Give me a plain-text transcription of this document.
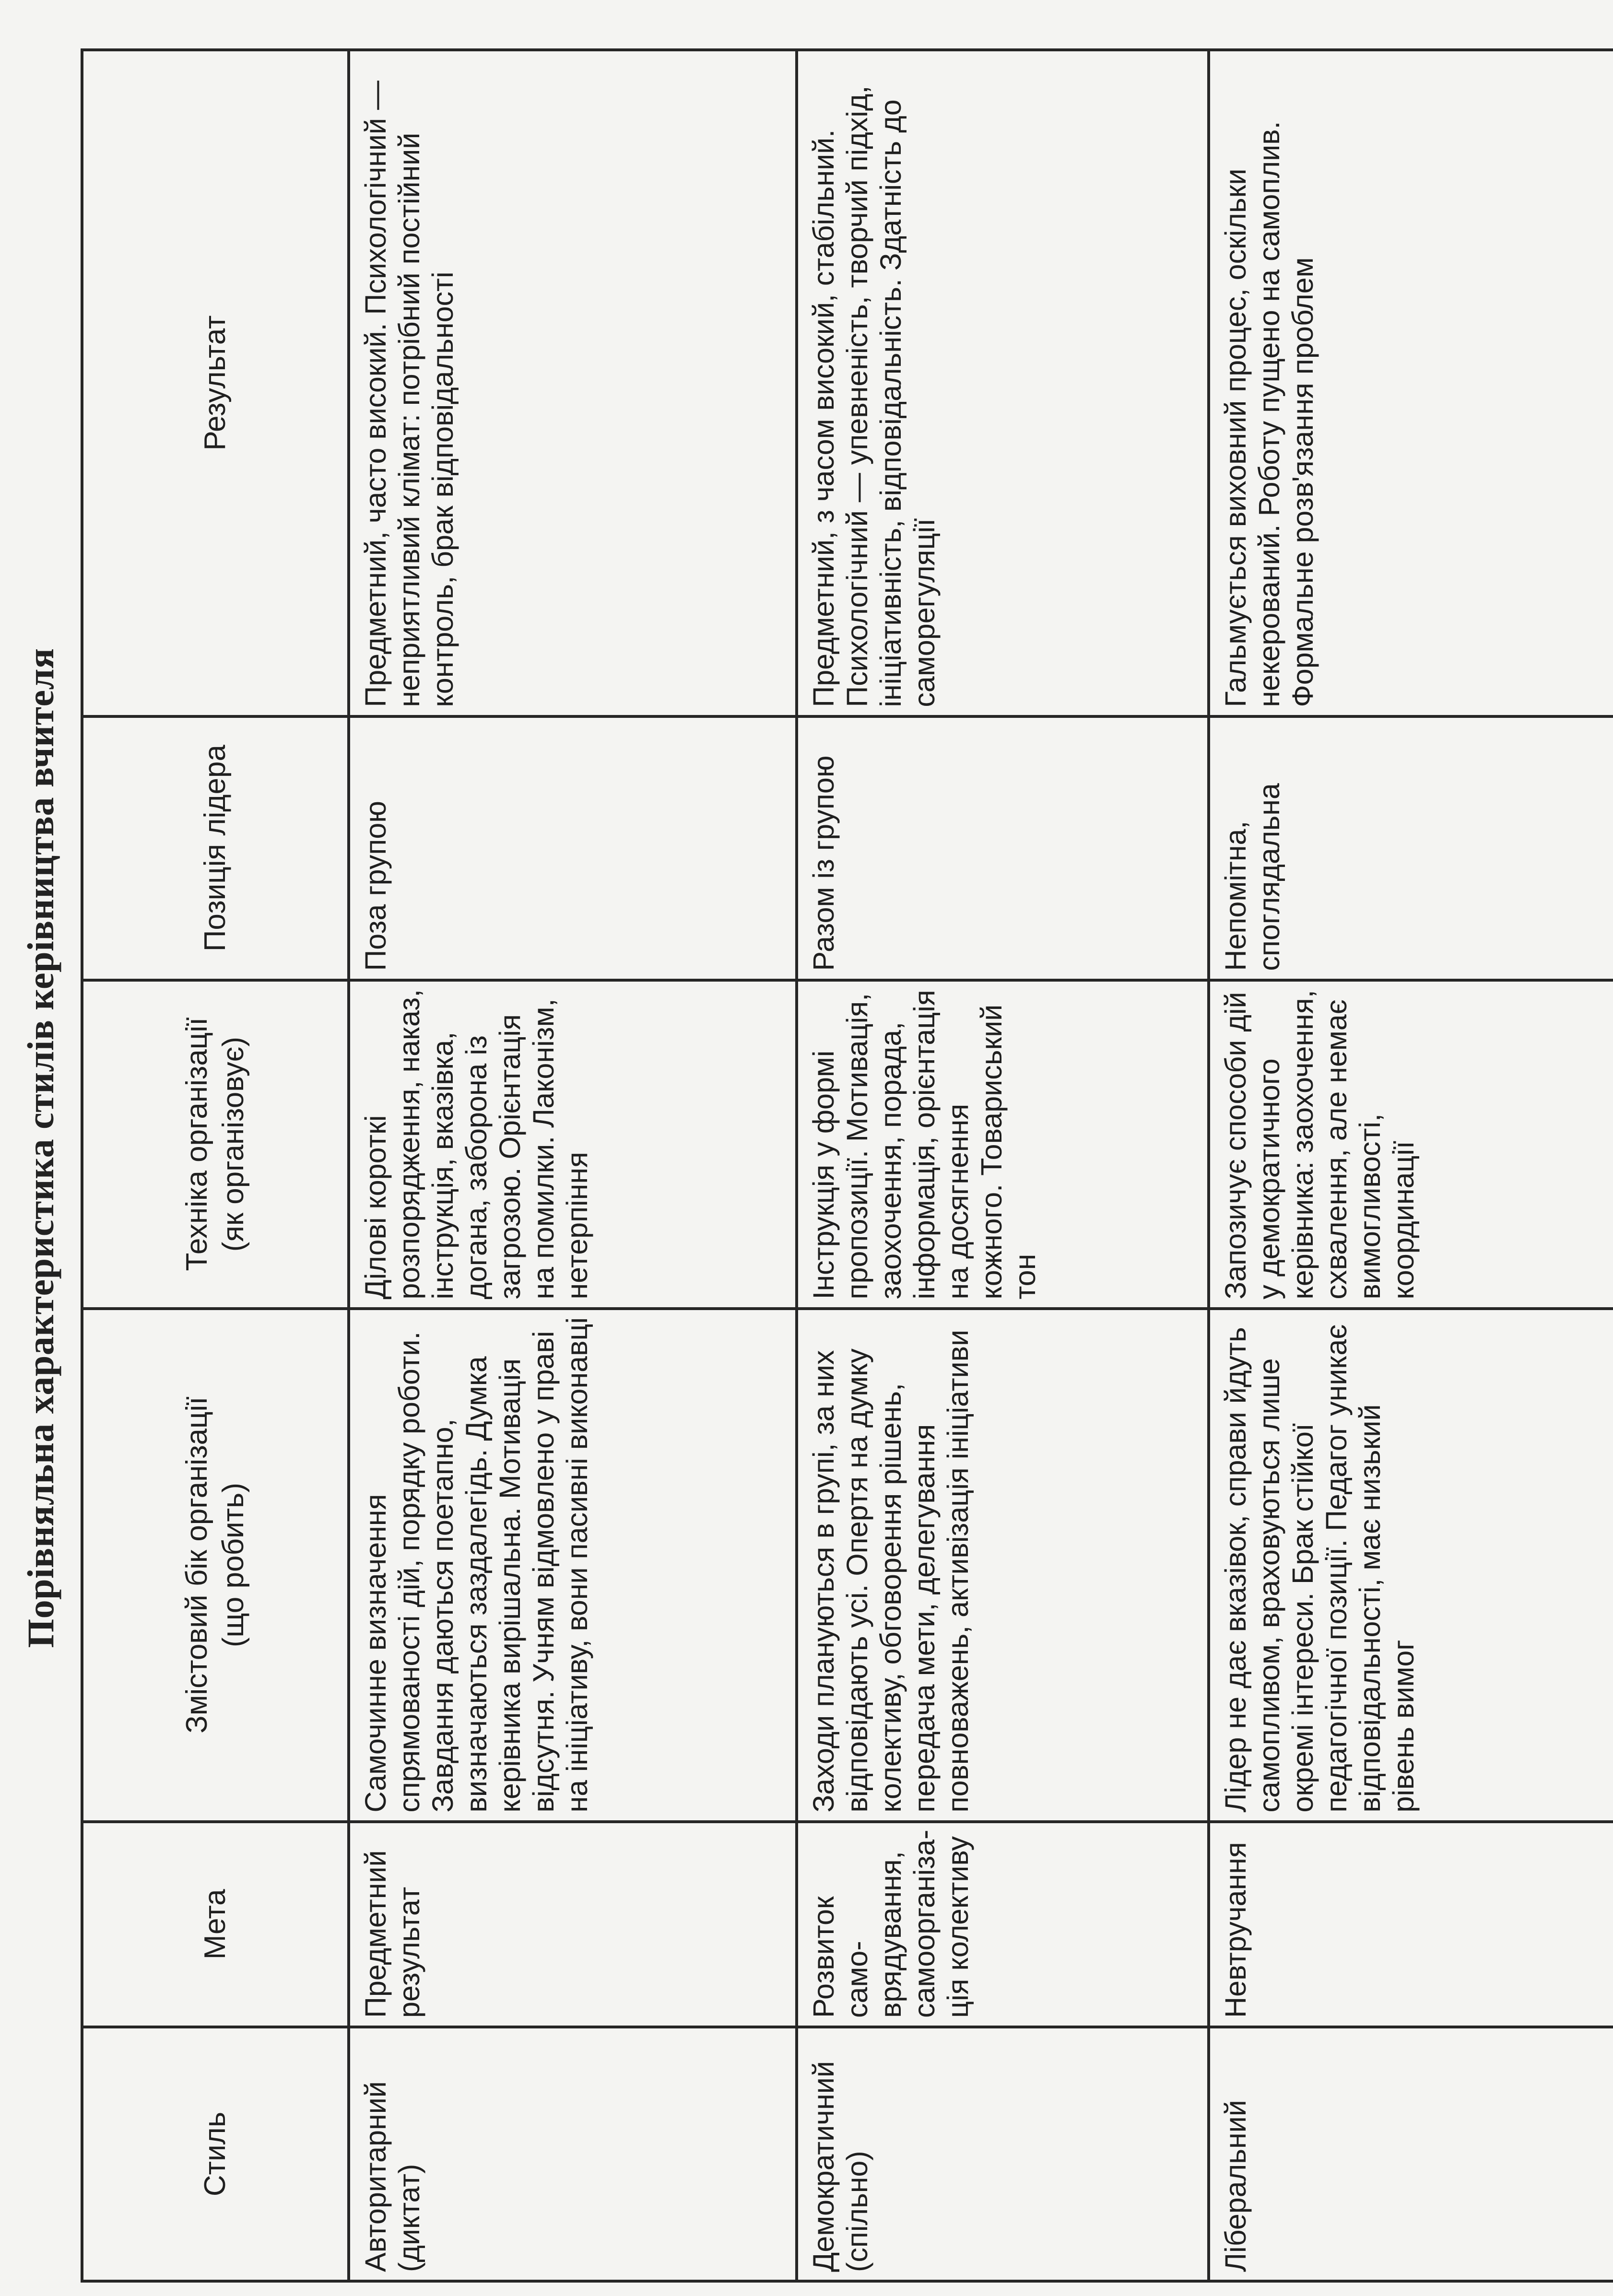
Порівняльна характеристика стилів керівництва вчителя
Стиль	Мета	Змістовий бік організації (що робить)	Техніка організації (як організовує)	Позиція лідера	Результат
Авторитарний (диктат)	Предметний результат	Самочинне визначення спрямованості дій, порядку роботи. Завдання даються поетапно, визначаються заздалегідь. Думка керівника вирішальна. Мотивація відсутня. Учням відмовлено у праві на ініціативу, вони пасивні виконавці	Ділові короткі розпорядження, наказ, інструкція, вказівка, догана, заборона із загрозою. Орієнтація на помилки. Лаконізм, нетерпіння	Поза групою	Предметний, часто високий. Психологічний — неприятливий клімат: потрібний постійний контроль, брак відповідальності
Демократичний (спільно)	Розвиток само-врядування, самоорганіза-ція колективу	Заходи плануються в групі, за них відповідають усі. Опертя на думку колективу, обговорення рішень, передача мети, делегування повноважень, активізація ініціативи	Інструкція у формі пропозиції. Мотивація, заохочення, порада, інформація, орієнтація на досягнення кожного. Товариський тон	Разом із групою	Предметний, з часом високий, стабільний. Психологічний — упевненість, творчий підхід, ініціативність, відповідальність. Здатність до саморегуляції
Ліберальний	Невтручання	Лідер не дає вказівок, справи йдуть самопливом, враховуються лише окремі інтереси. Брак стійкої педагогічної позиції. Педагог уникає відповідальності, має низький рівень вимог	Запозичує способи дій у демократичного керівника: заохочення, схвалення, але немає вимогливості, координації	Непомітна, споглядальна	Гальмується виховний процес, оскільки некерований. Роботу пущено на самоплив. Формальне розв'язання проблем
